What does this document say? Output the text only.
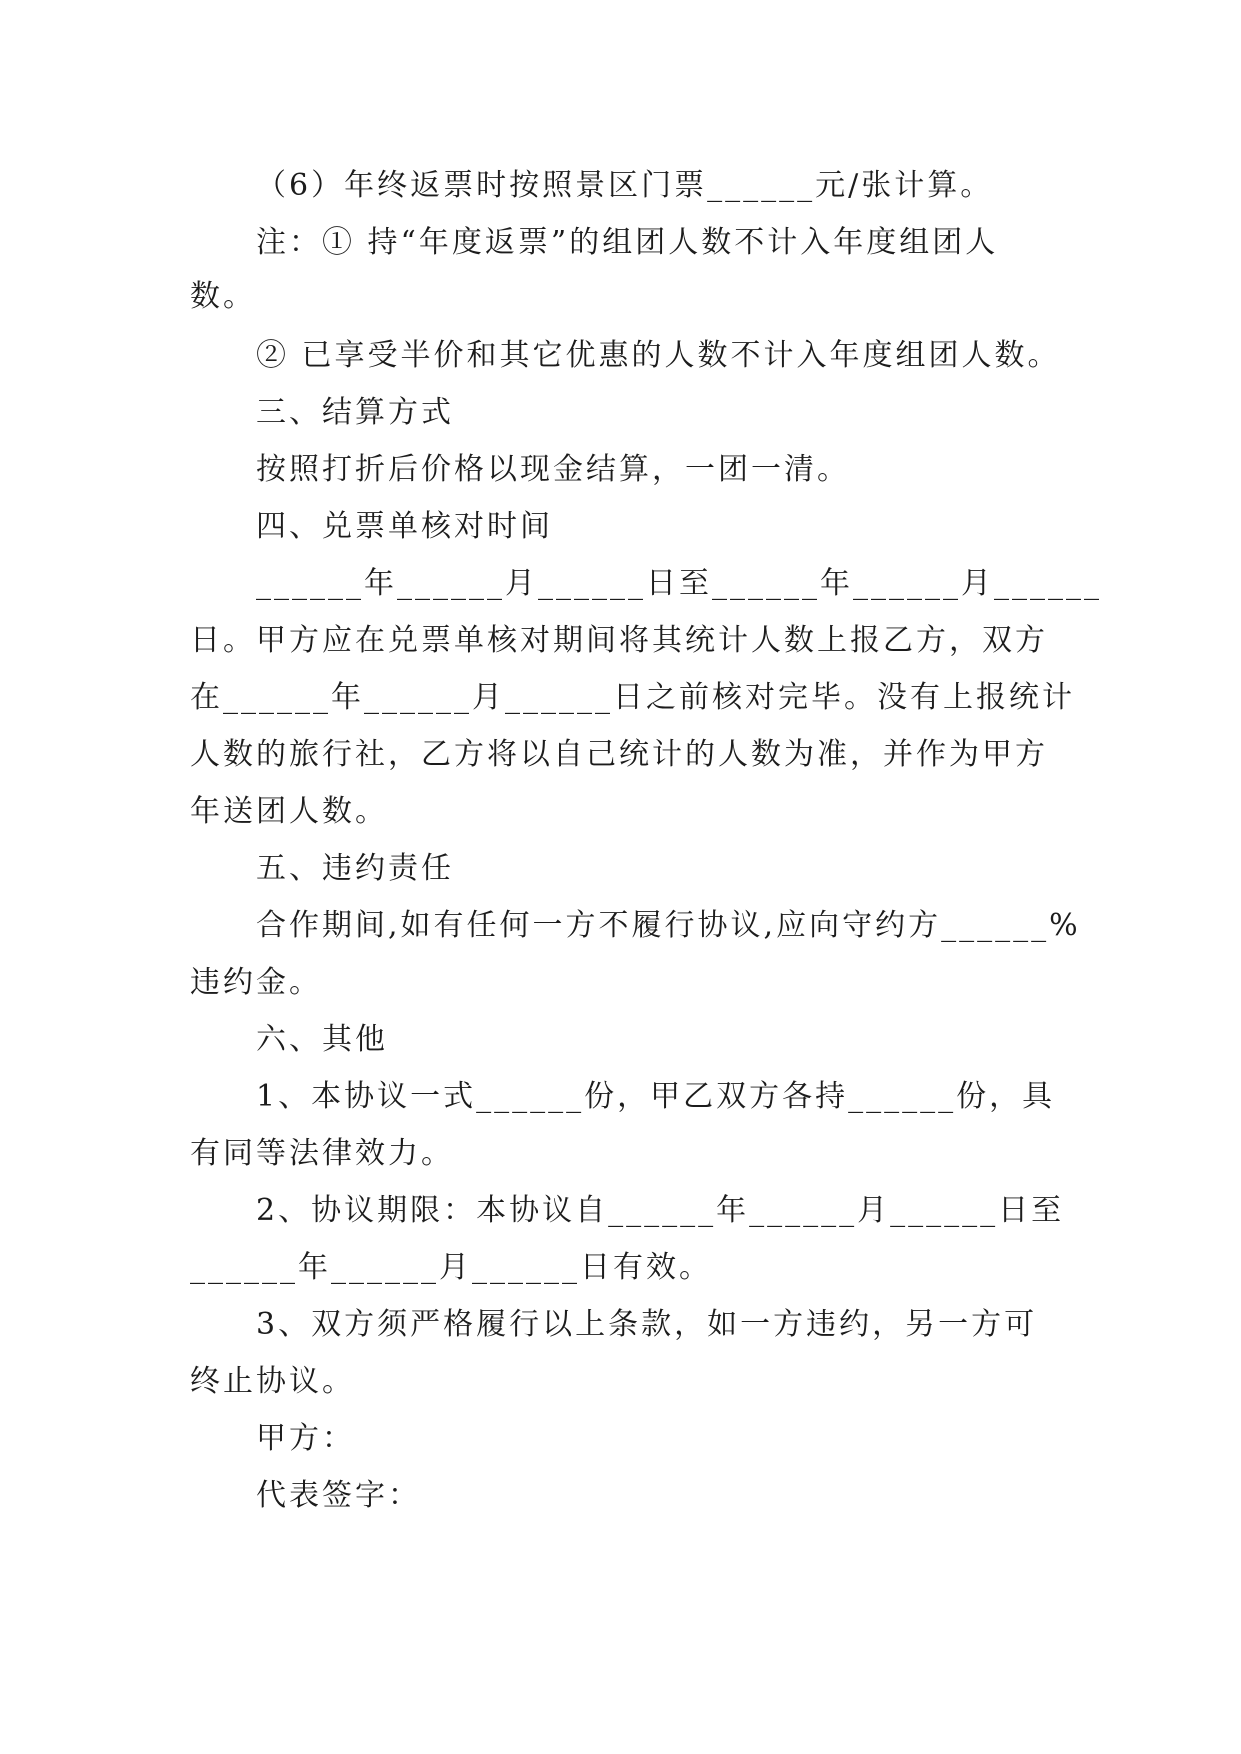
（6）年终返票时按照景区门票______元/张计算。
注：① 持“年度返票”的组团人数不计入年度组团人
数。
② 已享受半价和其它优惠的人数不计入年度组团人数。
三、结算方式
按照打折后价格以现金结算，一团一清。
四、兑票单核对时间
______年______月______日至______年______月______
日。甲方应在兑票单核对期间将其统计人数上报乙方，双方
在______年______月______日之前核对完毕。没有上报统计
人数的旅行社，乙方将以自己统计的人数为准，并作为甲方
年送团人数。
五、违约责任
合作期间,如有任何一方不履行协议,应向守约方______%
违约金。
六、其他
1、本协议一式______份，甲乙双方各持______份，具
有同等法律效力。
2、协议期限：本协议自______年______月______日至
______年______月______日有效。
3、双方须严格履行以上条款，如一方违约，另一方可
终止协议。
甲方：
代表签字：
